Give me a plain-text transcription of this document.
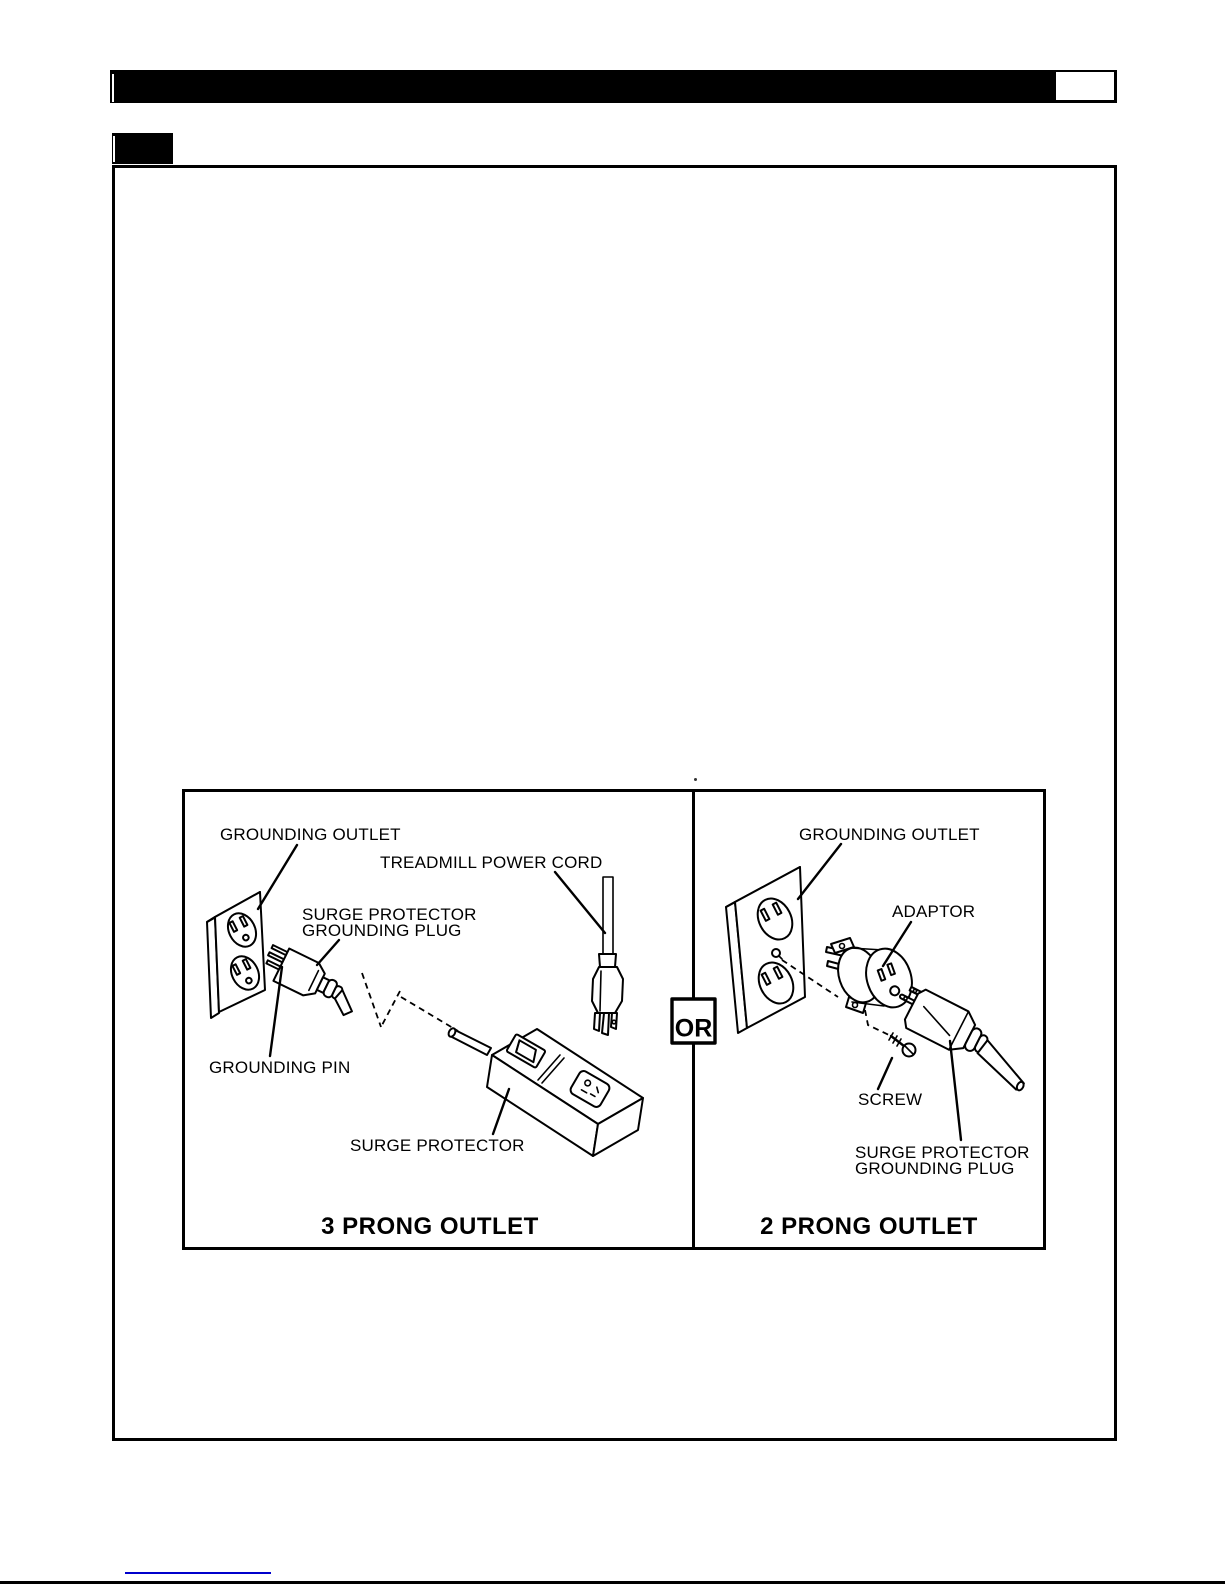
GROUNDING OUTLET
TREADMILL POWER CORD
SURGE PROTECTOR
GROUNDING PLUG
GROUNDING PIN
SURGE PROTECTOR
3 PRONG OUTLET
GROUNDING OUTLET
ADAPTOR
SCREW
SURGE PROTECTOR
GROUNDING PLUG
2 PRONG OUTLET
OR
